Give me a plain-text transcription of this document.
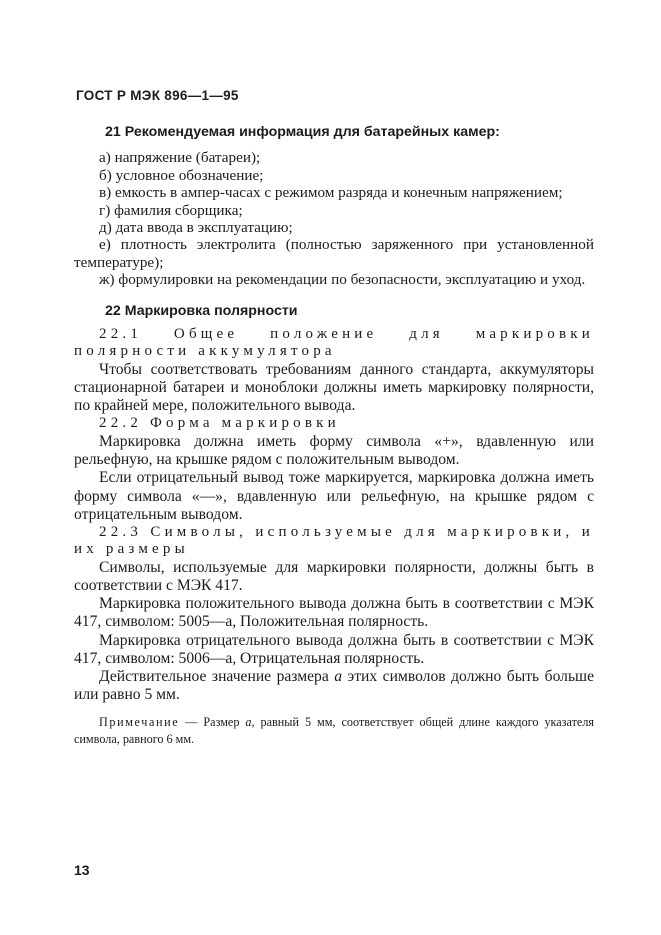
ГОСТ Р МЭК 896—1—95
21 Рекомендуемая информация для батарейных камер:
а) напряжение (батареи);
б) условное обозначение;
в) емкость в ампер-часах с режимом разряда и конечным напряжением;
г) фамилия сборщика;
д) дата ввода в эксплуатацию;
е) плотность электролита (полностью заряженного при установленной температуре);
ж) формулировки на рекомендации по безопасности, эксплуатацию и уход.
22 Маркировка полярности
22.1 Общее положение для маркировки полярности аккумулятора
Чтобы соответствовать требованиям данного стандарта, аккумуляторы стационарной батареи и моноблоки должны иметь маркировку полярности, по крайней мере, положительного вывода.
22.2 Форма маркировки
Маркировка должна иметь форму символа «+», вдавленную или рельефную, на крышке рядом с положительным выводом.
Если отрицательный вывод тоже маркируется, маркировка должна иметь форму символа «—», вдавленную или рельефную, на крышке рядом с отрицательным выводом.
22.3 Символы, используемые для маркировки, и их размеры
Символы, используемые для маркировки полярности, должны быть в соответствии с МЭК 417.
Маркировка положительного вывода должна быть в соответствии с МЭК 417, символом: 5005—а, Положительная полярность.
Маркировка отрицательного вывода должна быть в соответствии с МЭК 417, символом: 5006—а, Отрицательная полярность.
Действительное значение размера а этих символов должно быть больше или равно 5 мм.
Примечание — Размер а, равный 5 мм, соответствует общей длине каждого указателя символа, равного 6 мм.
13
